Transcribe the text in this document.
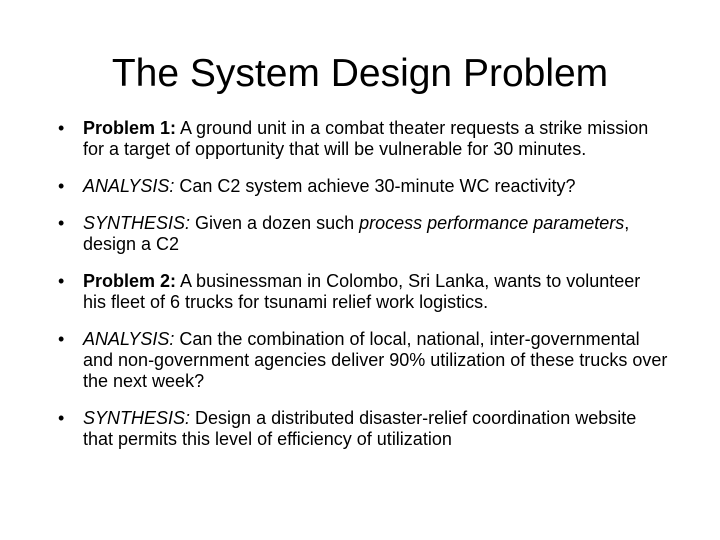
The System Design Problem
• Problem 1: A ground unit in a combat theater requests a strike mission for a target of opportunity that will be vulnerable for 30 minutes.
• ANALYSIS: Can C2 system achieve 30-minute WC reactivity?
• SYNTHESIS: Given a dozen such process performance parameters, design a C2
• Problem 2: A businessman in Colombo, Sri Lanka, wants to volunteer his fleet of 6 trucks for tsunami relief work logistics.
• ANALYSIS: Can the combination of local, national, inter-governmental and non-government agencies deliver 90% utilization of these trucks over the next week?
• SYNTHESIS: Design a distributed disaster-relief coordination website that permits this level of efficiency of utilization
